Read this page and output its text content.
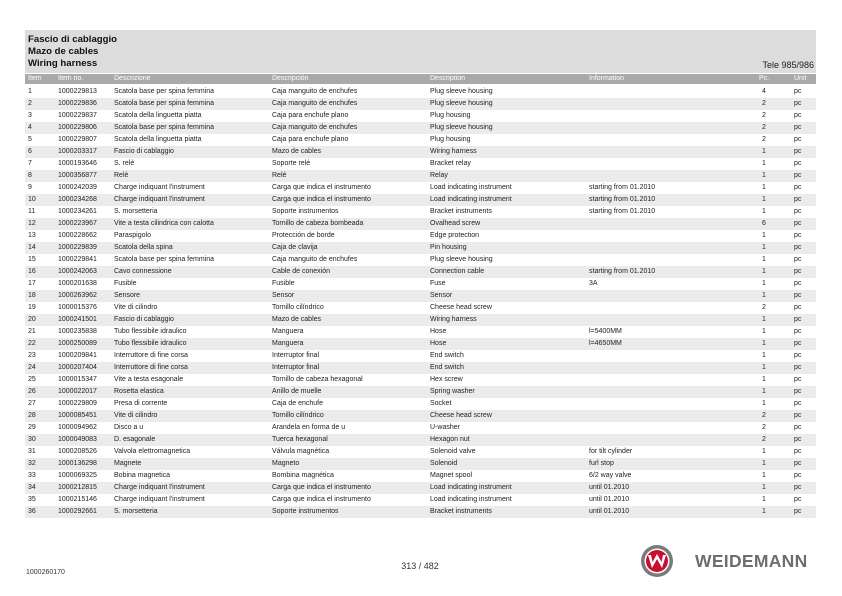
Fascio di cablaggio
Mazo de cables
Wiring harness	Tele 985/986
Item Item no.	Descrizione	Descripción	Description	Information	Pc.	Unit
1	1000229813 Scatola base per spina femmina	Caja manguito de enchufes	Plug sleeve housing	4	pc
2	1000229836 Scatola base per spina femmina	Caja manguito de enchufes	Plug sleeve housing	2	pc
3	1000229837 Scatola della linguetta piatta	Caja para enchufe plano	Plug housing	2	pc
4	1000229806 Scatola base per spina femmina	Caja manguito de enchufes	Plug sleeve housing	2	pc
5	1000229807 Scatola della linguetta piatta	Caja para enchufe plano	Plug housing	2	pc
6	1000203317 Fascio di cablaggio	Mazo de cables	Wiring harness	1	pc
7	1000193646 S. relè	Soporte relé	Bracket relay	1	pc
8	1000356877 Relè	Relé	Relay	1	pc
9	1000242039 Charge indiquant l'instrument	Carga que indica el instrumento	Load indicating instrument	starting from 01.2010	1	pc
10	1000234268 Charge indiquant l'instrument	Carga que indica el instrumento	Load indicating instrument	starting from 01.2010	1	pc
11	1000234261 S. morsetteria	Soporte instrumentos	Bracket instruments	starting from 01.2010	1	pc
12	1000223967 Vite a testa cilindrica con calotta	Tornillo de cabeza bombeada	Ovalhead screw	6	pc
13	1000228662 Paraspigolo	Protección de borde	Edge protection	1	pc
14	1000229839 Scatola della spina	Caja de clavija	Pin housing	1	pc
15	1000229841 Scatola base per spina femmina	Caja manguito de enchufes	Plug sleeve housing	1	pc
16	1000242063 Cavo connessione	Cable de conexión	Connection cable	starting from 01.2010	1	pc
17	1000201638 Fusible	Fusible	Fuse	3A	1	pc
18	1000263962 Sensore	Sensor	Sensor	1	pc
19	1000015376 Vite di cilindro	Tornillo cilíndrico	Cheese head screw	2	pc
20	1000241501 Fascio di cablaggio	Mazo de cables	Wiring harness	1	pc
21	1000235838 Tubo flessibile idraulico	Manguera	Hose	l=5400MM	1	pc
22	1000250089 Tubo flessibile idraulico	Manguera	Hose	l=4650MM	1	pc
23	1000209841 Interruttore di fine corsa	Interruptor final	End switch	1	pc
24	1000207404 Interruttore di fine corsa	Interruptor final	End switch	1	pc
25	1000015347 Vite a testa esagonale	Tornillo de cabeza hexagonal	Hex screw	1	pc
26	1000022017 Rosetta elastica	Anillo de muelle	Spring washer	1	pc
27	1000229809 Presa di corrente	Caja de enchufe	Socket	1	pc
28	1000085451 Vite di cilindro	Tornillo cilíndrico	Cheese head screw	2	pc
29	1000094962 Disco a u	Arandela en forma de u	U-washer	2	pc
30	1000049083 D. esagonale	Tuerca hexagonal	Hexagon nut	2	pc
31	1000208526 Valvola elettromagnetica	Válvula magnética	Solenoid valve	for tilt cylinder	1	pc
32	1000136298 Magnete	Magneto	Solenoid	furl stop	1	pc
33	1000069325 Bobina magnetica	Bombina magnética	Magnet spool	6/2 way valve	1	pc
34	1000212815 Charge indiquant l'instrument	Carga que indica el instrumento	Load indicating instrument	until 01.2010	1	pc
35	1000215146 Charge indiquant l'instrument	Carga que indica el instrumento	Load indicating instrument	until 01.2010	1	pc
36	1000292661 S. morsetteria	Soporte instrumentos	Bracket instruments	until 01.2010	1	pc
313 / 482
1000260170
WEIDEMANN
